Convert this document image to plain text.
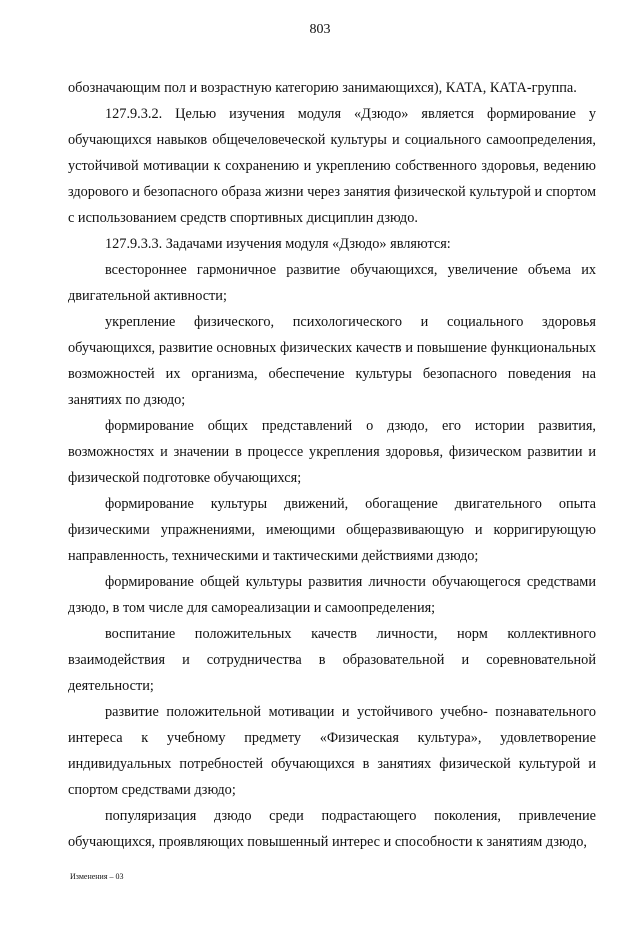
803

обозначающим пол и возрастную категорию занимающихся), КАТА, КАТА-группа.

127.9.3.2. Целью изучения модуля «Дзюдо» является формирование у обучающихся навыков общечеловеческой культуры и социального самоопределения, устойчивой мотивации к сохранению и укреплению собственного здоровья, ведению здорового и безопасного образа жизни через занятия физической культурой и спортом с использованием средств спортивных дисциплин дзюдо.

127.9.3.3. Задачами изучения модуля «Дзюдо» являются:

всестороннее гармоничное развитие обучающихся, увеличение объема их двигательной активности;

укрепление физического, психологического и социального здоровья обучающихся, развитие основных физических качеств и повышение функциональных возможностей их организма, обеспечение культуры безопасного поведения на занятиях по дзюдо;

формирование общих представлений о дзюдо, его истории развития, возможностях и значении в процессе укрепления здоровья, физическом развитии и физической подготовке обучающихся;

формирование культуры движений, обогащение двигательного опыта физическими упражнениями, имеющими общеразвивающую и корригирующую направленность, техническими и тактическими действиями дзюдо;

формирование общей культуры развития личности обучающегося средствами дзюдо, в том числе для самореализации и самоопределения;

воспитание положительных качеств личности, норм коллективного взаимодействия и сотрудничества в образовательной и соревновательной деятельности;

развитие положительной мотивации и устойчивого учебно- познавательного интереса к учебному предмету «Физическая культура», удовлетворение индивидуальных потребностей обучающихся в занятиях физической культурой и спортом средствами дзюдо;

популяризация дзюдо среди подрастающего поколения, привлечение обучающихся, проявляющих повышенный интерес и способности к занятиям дзюдо,

Изменения – 03
